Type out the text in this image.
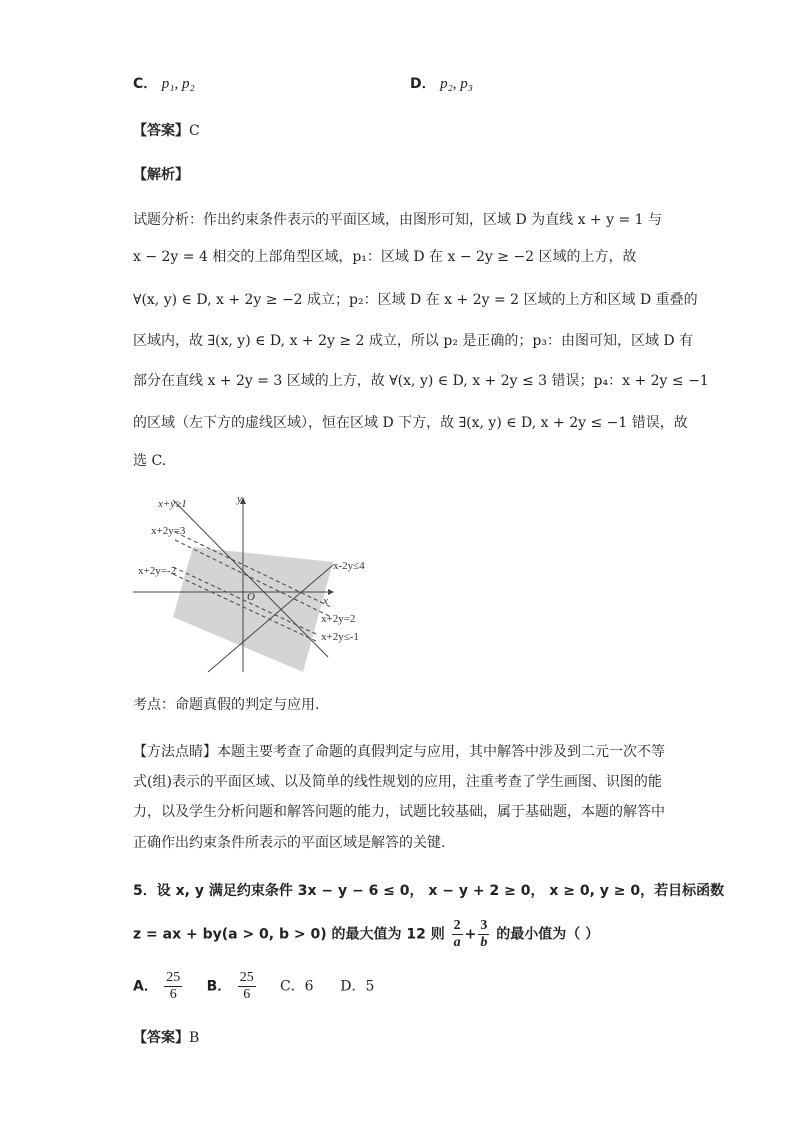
C． p₁, p₂	D． p₂, p₃
【答案】C
【解析】
试题分析：作出约束条件表示的平面区域，由图形可知，区域 D 为直线 x + y = 1 与
x − 2y = 4 相交的上部角型区域，p₁：区域 D 在 x − 2y ≥ −2 区域的上方，故
∀(x, y) ∈ D, x + 2y ≥ −2 成立；p₂：区域 D 在 x + 2y = 2 区域的上方和区域 D 重叠的
区域内，故 ∃(x, y) ∈ D, x + 2y ≥ 2 成立，所以 p₂ 是正确的；p₃：由图可知，区域 D 有
部分在直线 x + 2y = 3 区域的上方，故 ∀(x, y) ∈ D, x + 2y ≤ 3 错误；p₄：x + 2y ≤ −1
的区域（左下方的虚线区域），恒在区域 D 下方，故 ∃(x, y) ∈ D, x + 2y ≤ −1 错误，故
选 C.
x+y≥1
x+2y=3
x+2y=-2	x-2y≤4
x+2y=2
x+2y≤-1
x
y
O
考点：命题真假的判定与应用.
【方法点睛】本题主要考查了命题的真假判定与应用，其中解答中涉及到二元一次不等
式(组)表示的平面区域、以及简单的线性规划的应用，注重考查了学生画图、识图的能
力，以及学生分析问题和解答问题的能力，试题比较基础，属于基础题，本题的解答中
正确作出约束条件所表示的平面区域是解答的关键.
5．设 x, y 满足约束条件 3x − y − 6 ≤ 0， x − y + 2 ≥ 0， x ≥ 0, y ≥ 0，若目标函数
z = ax + by(a > 0, b > 0) 的最大值为 12 则 $\frac{2}{a} + \frac{3}{b}$ 的最小值为（ ）
A． $\frac{25}{6}$ B． $\frac{25}{6}$ C．6 D．5
【答案】B
